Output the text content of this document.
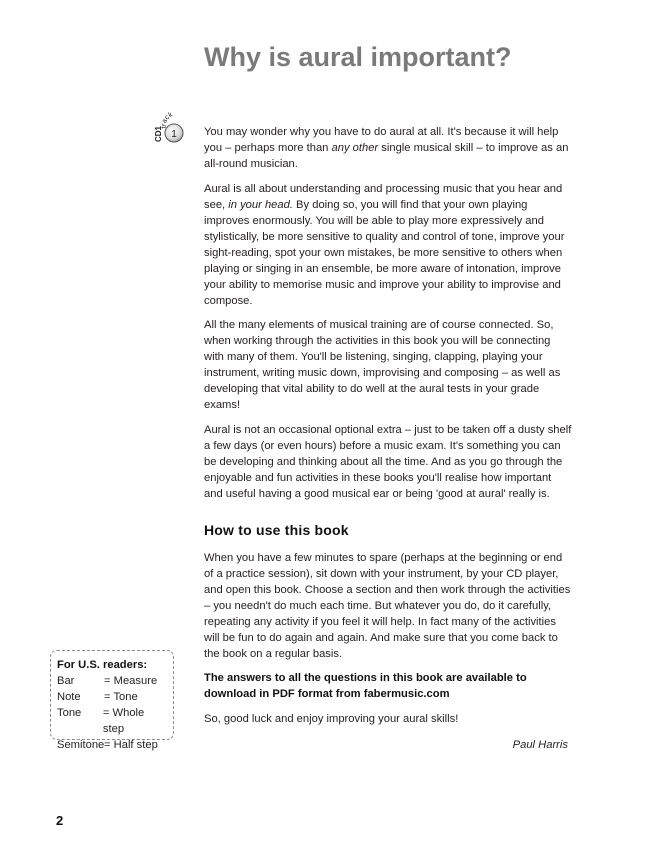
Why is aural important?
1
track
CD1	You may wonder why you have to do aural at all. It's because it will help you – perhaps more than any other single musical skill – to improve as an all-round musician.

Aural is all about understanding and processing music that you hear and see, in your head. By doing so, you will find that your own playing improves enormously. You will be able to play more expressively and stylistically, be more sensitive to quality and control of tone, improve your sight-reading, spot your own mistakes, be more sensitive to others when playing or singing in an ensemble, be more aware of intonation, improve your ability to memorise music and improve your ability to improvise and compose.

All the many elements of musical training are of course connected. So, when working through the activities in this book you will be connecting with many of them. You'll be listening, singing, clapping, playing your instrument, writing music down, improvising and composing – as well as developing that vital ability to do well at the aural tests in your grade exams!

Aural is not an occasional optional extra – just to be taken off a dusty shelf a few days (or even hours) before a music exam. It's something you can be developing and thinking about all the time. And as you go through the enjoyable and fun activities in these books you'll realise how important and useful having a good musical ear or being 'good at aural' really is.

How to use this book

When you have a few minutes to spare (perhaps at the beginning or end of a practice session), sit down with your instrument, by your CD player, and open this book. Choose a section and then work through the activities – you needn't do much each time. But whatever you do, do it carefully, repeating any activity if you feel it will help. In fact many of the activities will be fun to do again and again. And make sure that you come back to the book on a regular basis.

The answers to all the questions in this book are available to download in PDF format from fabermusic.com

So, good luck and enjoy improving your aural skills!

Paul Harris
For U.S. readers:
Bar	= Measure
Note	= Tone
Tone	= Whole step
Semitone = Half step
2
